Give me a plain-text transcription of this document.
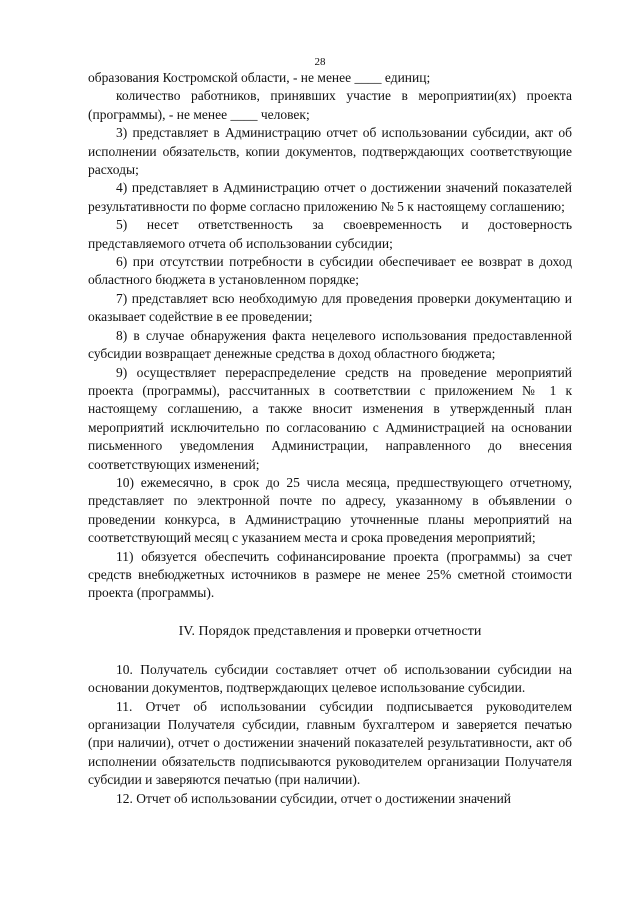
28

образования Костромской области, - не менее ____ единиц;

количество работников, принявших участие в мероприятии(ях) проекта (программы), - не менее ____ человек;

3) представляет в Администрацию отчет об использовании субсидии, акт об исполнении обязательств, копии документов, подтверждающих соответствующие расходы;

4) представляет в Администрацию отчет о достижении значений показателей результативности по форме согласно приложению № 5 к настоящему соглашению;

5) несет ответственность за своевременность и достоверность представляемого отчета об использовании субсидии;

6) при отсутствии потребности в субсидии обеспечивает ее возврат в доход областного бюджета в установленном порядке;

7) представляет всю необходимую для проведения проверки документацию и оказывает содействие в ее проведении;

8) в случае обнаружения факта нецелевого использования предоставленной субсидии возвращает денежные средства в доход областного бюджета;

9) осуществляет перераспределение средств на проведение мероприятий проекта (программы), рассчитанных в соответствии с приложением № 1 к настоящему соглашению, а также вносит изменения в утвержденный план мероприятий исключительно по согласованию с Администрацией на основании письменного уведомления Администрации, направленного до внесения соответствующих изменений;

10) ежемесячно, в срок до 25 числа месяца, предшествующего отчетному, представляет по электронной почте по адресу, указанному в объявлении о проведении конкурса, в Администрацию уточненные планы мероприятий на соответствующий месяц с указанием места и срока проведения мероприятий;

11) обязуется обеспечить софинансирование проекта (программы) за счет средств внебюджетных источников в размере не менее 25% сметной стоимости проекта (программы).

IV. Порядок представления и проверки отчетности

10. Получатель субсидии составляет отчет об использовании субсидии на основании документов, подтверждающих целевое использование субсидии.

11. Отчет об использовании субсидии подписывается руководителем организации Получателя субсидии, главным бухгалтером и заверяется печатью (при наличии), отчет о достижении значений показателей результативности, акт об исполнении обязательств подписываются руководителем организации Получателя субсидии и заверяются печатью (при наличии).

12. Отчет об использовании субсидии, отчет о достижении значений
